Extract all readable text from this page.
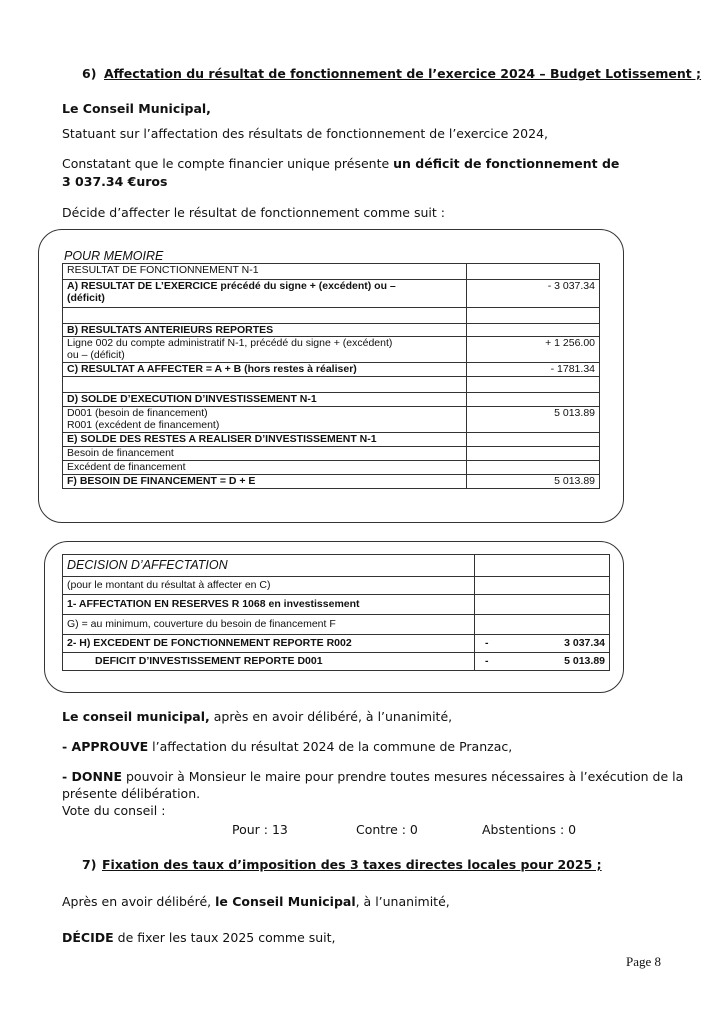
6) Affectation du résultat de fonctionnement de l’exercice 2024 – Budget Lotissement ;
Le Conseil Municipal,
Statuant sur l’affectation des résultats de fonctionnement de l’exercice 2024,
Constatant que le compte financier unique présente un déficit de fonctionnement de
3 037.34 €uros
Décide d’affecter le résultat de fonctionnement comme suit :
POUR MEMOIRE
RESULTAT DE FONCTIONNEMENT N-1	

A) RESULTAT DE L’EXERCICE précédé du signe + (excédent) ou –
(déficit)	- 3 037.34

B) RESULTATS ANTERIEURS REPORTES	

Ligne 002 du compte administratif N-1, précédé du signe + (excédent)
ou – (déficit)	+ 1 256.00
C) RESULTAT A AFFECTER = A + B (hors restes à réaliser)	- 1781.34

D) SOLDE D’EXECUTION D’INVESTISSEMENT N-1	

D001 (besoin de financement)
R001 (excédent de financement)	5 013.89
E) SOLDE DES RESTES A REALISER D’INVESTISSEMENT N-1	
Besoin de financement	
Excédent de financement	
F) BESOIN DE FINANCEMENT = D + E	5 013.89
DECISION D’AFFECTATION	
(pour le montant du résultat à affecter en C)	
1- AFFECTATION EN RESERVES R 1068 en investissement	
G) = au minimum, couverture du besoin de financement F	
2- H) EXCEDENT DE FONCTIONNEMENT REPORTE R002	- 3 037.34
DEFICIT D’INVESTISSEMENT REPORTE D001	- 5 013.89
Le conseil municipal, après en avoir délibéré, à l’unanimité,
- APPROUVE l’affectation du résultat 2024 de la commune de Pranzac,
- DONNE pouvoir à Monsieur le maire pour prendre toutes mesures nécessaires à l’exécution de la
présente délibération.
Vote du conseil :
Pour : 13	Contre : 0	Abstentions : 0
7) Fixation des taux d’imposition des 3 taxes directes locales pour 2025 ;
Après en avoir délibéré, le Conseil Municipal, à l’unanimité,
DÉCIDE de fixer les taux 2025 comme suit,
Page 8
